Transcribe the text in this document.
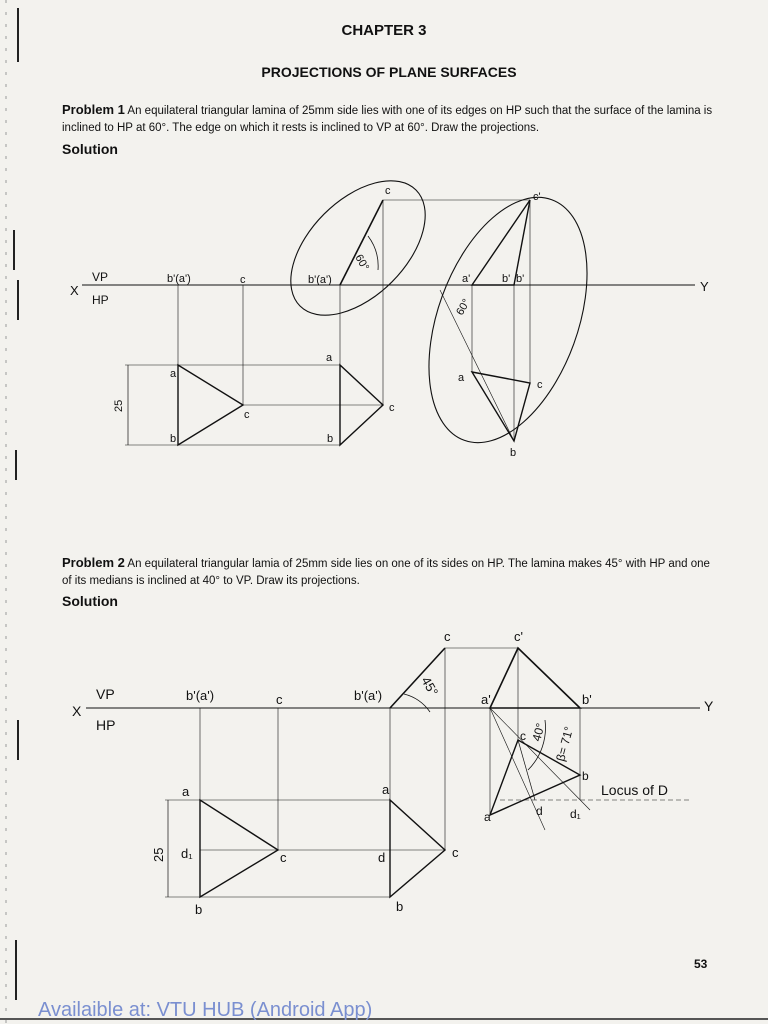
CHAPTER 3
PROJECTIONS OF PLANE SURFACES
Problem 1 An equilateral triangular lamina of 25mm side lies with one of its edges on HP such that the surface of the lamina is inclined to HP at 60°. The edge on which it rests is inclined to VP at 60°. Draw the projections.
Solution
X	Y
VP
HP
b'(a')	c	b'(a')
c	c'
a'	b' b'
a
b
c
a
b
c
a
c
b
25
60°
60°
Problem 2 An equilateral triangular lamia of 25mm side lies on one of its sides on HP. The lamina makes 45° with HP and one of its medians is inclined at 40° to VP. Draw its projections.
Solution
X	Y
VP
HP
b'(a')	c	b'(a')
c	c'
a'	b'
a
b
d₁	c
a
b
d	c
c
b
a	d d₁
Locus of D
25
45°
40° β= 71°
53
Availaible at: VTU HUB (Android App)
